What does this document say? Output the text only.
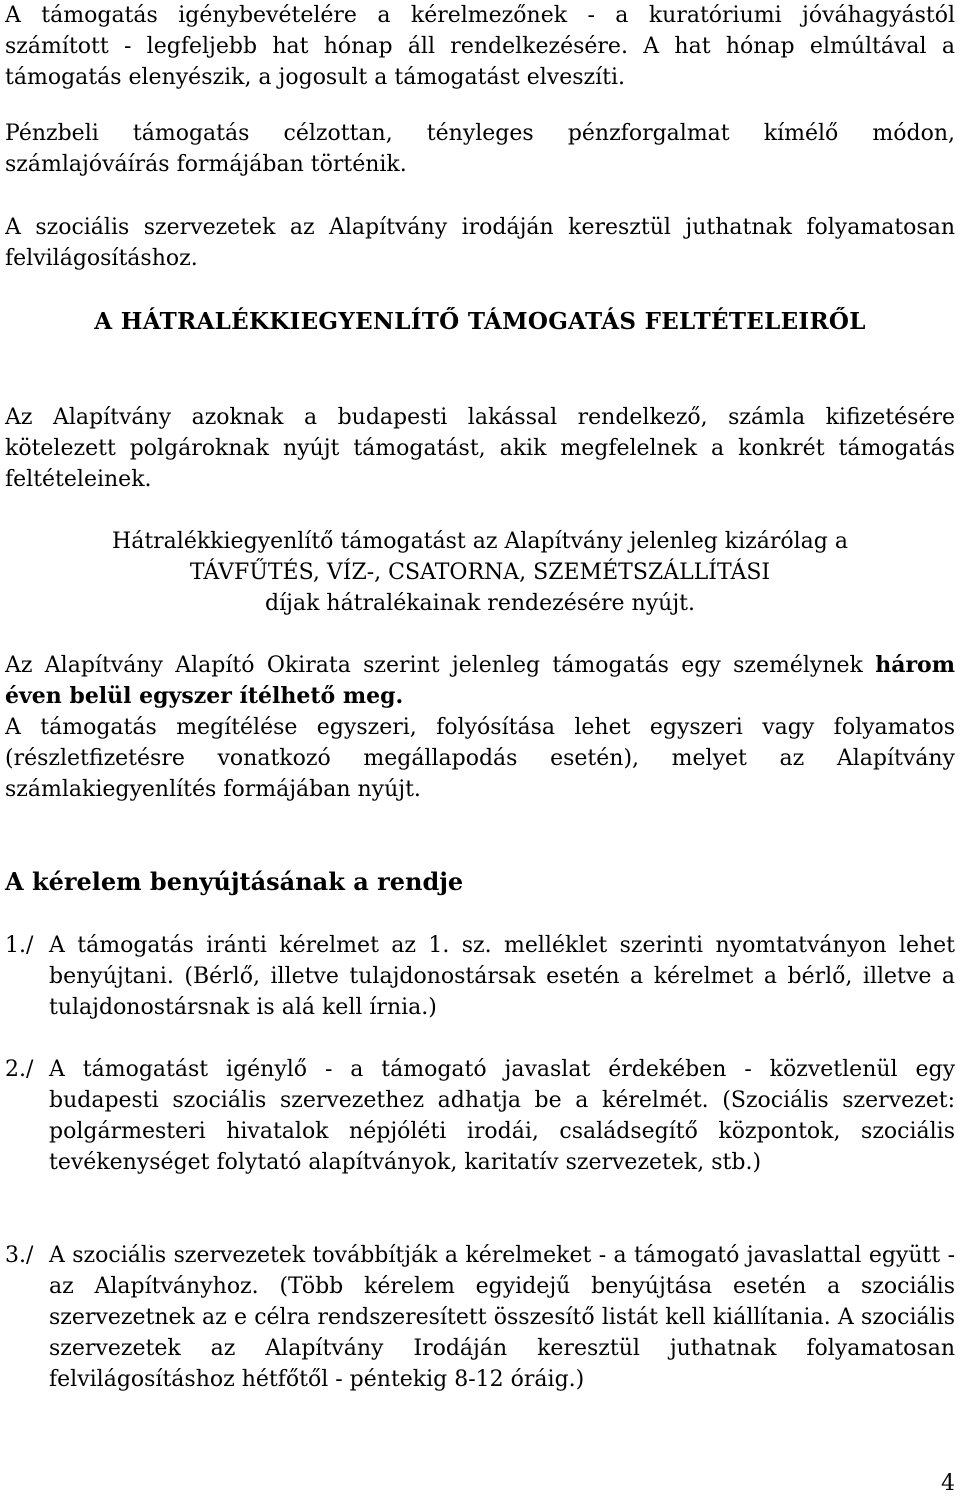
A támogatás igénybevételére a kérelmezőnek - a kuratóriumi jóváhagyástól számított - legfeljebb hat hónap áll rendelkezésére. A hat hónap elmúltával a támogatás elenyészik, a jogosult a támogatást elveszíti.

Pénzbeli támogatás célzottan, tényleges pénzforgalmat kímélő módon, számlajóváírás formájában történik.

A szociális szervezetek az Alapítvány irodáján keresztül juthatnak folyamatosan felvilágosításhoz.

A HÁTRALÉKKIEGYENLÍTŐ TÁMOGATÁS FELTÉTELEIRŐL

Az Alapítvány azoknak a budapesti lakással rendelkező, számla kifizetésére kötelezett polgároknak nyújt támogatást, akik megfelelnek a konkrét támogatás feltételeinek.

Hátralékkiegyenlítő támogatást az Alapítvány jelenleg kizárólag a
TÁVFŰTÉS, VÍZ-, CSATORNA, SZEMÉTSZÁLLÍTÁSI
díjak hátralékainak rendezésére nyújt.

Az Alapítvány Alapító Okirata szerint jelenleg támogatás egy személynek három éven belül egyszer ítélhető meg.

A támogatás megítélése egyszeri, folyósítása lehet egyszeri vagy folyamatos (részletfizetésre vonatkozó megállapodás esetén), melyet az Alapítvány számlakiegyenlítés formájában nyújt.

A kérelem benyújtásának a rendje
1./ A támogatás iránti kérelmet az 1. sz. melléklet szerinti nyomtatványon lehet benyújtani. (Bérlő, illetve tulajdonostársak esetén a kérelmet a bérlő, illetve a tulajdonostársnak is alá kell írnia.)

2./ A támogatást igénylő - a támogató javaslat érdekében - közvetlenül egy budapesti szociális szervezethez adhatja be a kérelmét. (Szociális szervezet: polgármesteri hivatalok népjóléti irodái, családsegítő központok, szociális tevékenységet folytató alapítványok, karitatív szervezetek, stb.)

3./ A szociális szervezetek továbbítják a kérelmeket - a támogató javaslattal együtt - az Alapítványhoz. (Több kérelem egyidejű benyújtása esetén a szociális szervezetnek az e célra rendszeresített összesítő listát kell kiállítania. A szociális szervezetek az Alapítvány Irodáján keresztül juthatnak folyamatosan felvilágosításhoz hétfőtől - péntekig 8-12 óráig.)

4
